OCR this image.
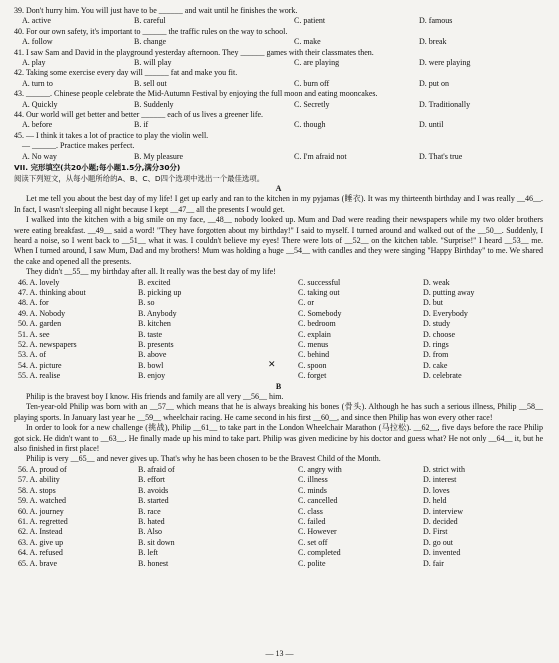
39. Don't hurry him. You will just have to be ______ and wait until he finishes the work.
A. active	B. careful	C. patient	D. famous
40. For our own safety, it's important to ______ the traffic rules on the way to school.
A. follow	B. change	C. make	D. break
41. I saw Sam and David in the playground yesterday afternoon. They ______ games with their classmates then.
A. play	B. will play	C. are playing	D. were playing
42. Taking some exercise every day will ______ fat and make you fit.
A. turn to	B. sell out	C. burn off	D. put on
43. ______. Chinese people celebrate the Mid-Autumn Festival by enjoying the full moon and eating mooncakes.
A. Quickly	B. Suddenly	C. Secretly	D. Traditionally
44. Our world will get better and better ______ each of us lives a greener life.
A. before	B. if	C. though	D. until
45. — I think it takes a lot of practice to play the violin well.
— ______. Practice makes perfect.
A. No way	B. My pleasure	C. I'm afraid not	D. That's true
VII. 完形填空(共20小题;每小题1.5分,满分30分)
阅读下列短文，从每小题所给的A、B、C、D四个选项中选出一个最佳选项。
A
Let me tell you about the best day of my life! I get up early and ran to the kitchen in my pyjamas (睡衣). It was my thirteenth birthday and I was really __46__. In fact, I wasn't sleeping all night because I kept __47__ all the presents I would get.
I walked into the kitchen with a big smile on my face, __48__ nobody looked up. Mum and Dad were reading their newspapers while my two older brothers were eating breakfast. __49__ said a word! "They have forgotten about my birthday!" I said to myself. I turned around and walked out of the __50__. Suddenly, I heard a noise, so I went back to __51__ what it was. I couldn't believe my eyes! There were lots of __52__ on the kitchen table. "Surprise!" I heard __53__ me. When I turned around, I saw Mum, Dad and my brothers! Mum was holding a huge __54__ with candles and they were singing "Happy Birthday" to me. We shared the cake and opened all the presents.
They didn't __55__ my birthday after all. It really was the best day of my life!
46. A. lovely	B. excited	C. successful	D. weak
47. A. thinking about	B. picking up	C. taking out	D. putting away
48. A. for	B. so	C. or	D. but
49. A. Nobody	B. Anybody	C. Somebody	D. Everybody
50. A. garden	B. kitchen	C. bedroom	D. study
51. A. see	B. taste	C. explain	D. choose
52. A. newspapers	B. presents	C. menus	D. rings
53. A. of	B. above	C. behind	D. from
54. A. picture	B. bowl	C. spoon	D. cake
55. A. realise	B. enjoy	C. forget	D. celebrate
B
Philip is the bravest boy I know. His friends and family are all very __56__ him.
Ten-year-old Philip was born with an __57__ which means that he is always breaking his bones (骨头). Although he has such a serious illness, Philip __58__ playing sports. In January last year he __59__ wheelchair racing. He came second in his first __60__, and since then Philip has won every other race!
In order to look for a new challenge (挑战), Philip __61__ to take part in the London Wheelchair Marathon (马拉松). __62__, five days before the race Philip got sick. He didn't want to __63__. He finally made up his mind to take part. Philip was given medicine by his doctor and guess what? He not only __64__ it, but he also finished in first place!
Philip is very __65__ and never gives up. That's why he has been chosen to be the Bravest Child of the Month.
56. A. proud of	B. afraid of	C. angry with	D. strict with
57. A. ability	B. effort	C. illness	D. interest
58. A. stops	B. avoids	C. minds	D. loves
59. A. watched	B. started	C. cancelled	D. held
60. A. journey	B. race	C. class	D. interview
61. A. regretted	B. hated	C. failed	D. decided
62. A. Instead	B. Also	C. However	D. First
63. A. give up	B. sit down	C. set off	D. go out
64. A. refused	B. left	C. completed	D. invented
65. A. brave	B. honest	C. polite	D. fair
✕
— 13 —
